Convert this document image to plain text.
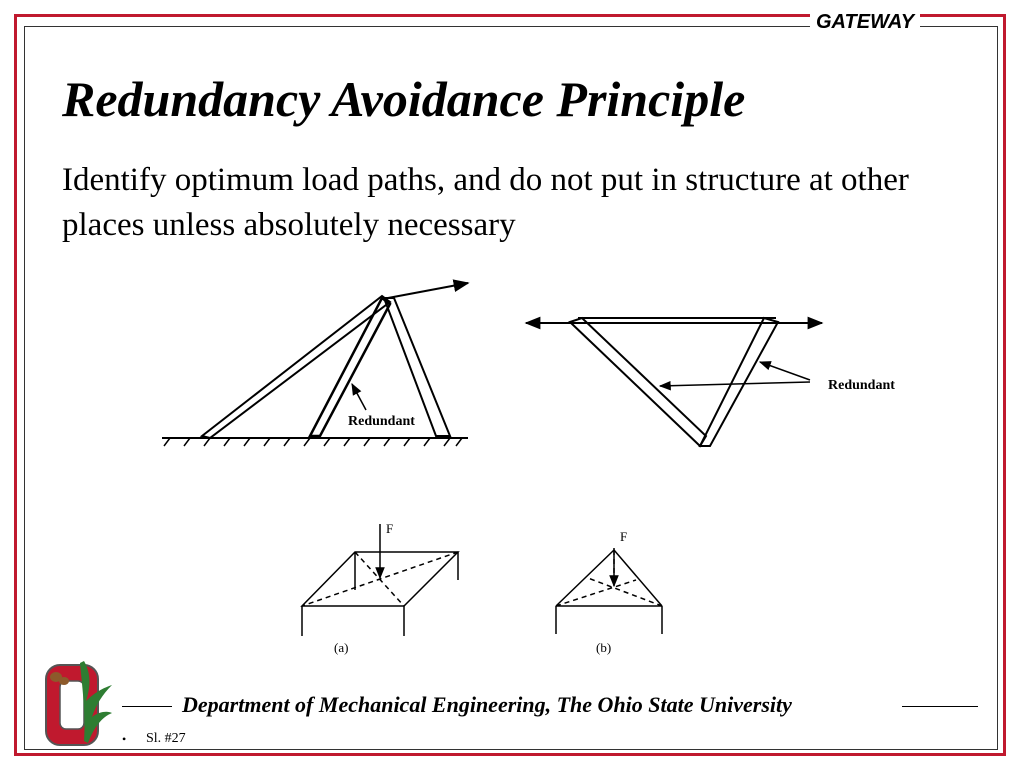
GATEWAY
Redundancy Avoidance Principle
Identify optimum load paths, and do not put in structure at other places unless absolutely necessary
Redundant
Redundant
F
(a)
F
(b)
Department of Mechanical Engineering, The Ohio State University
• Sl. #27
